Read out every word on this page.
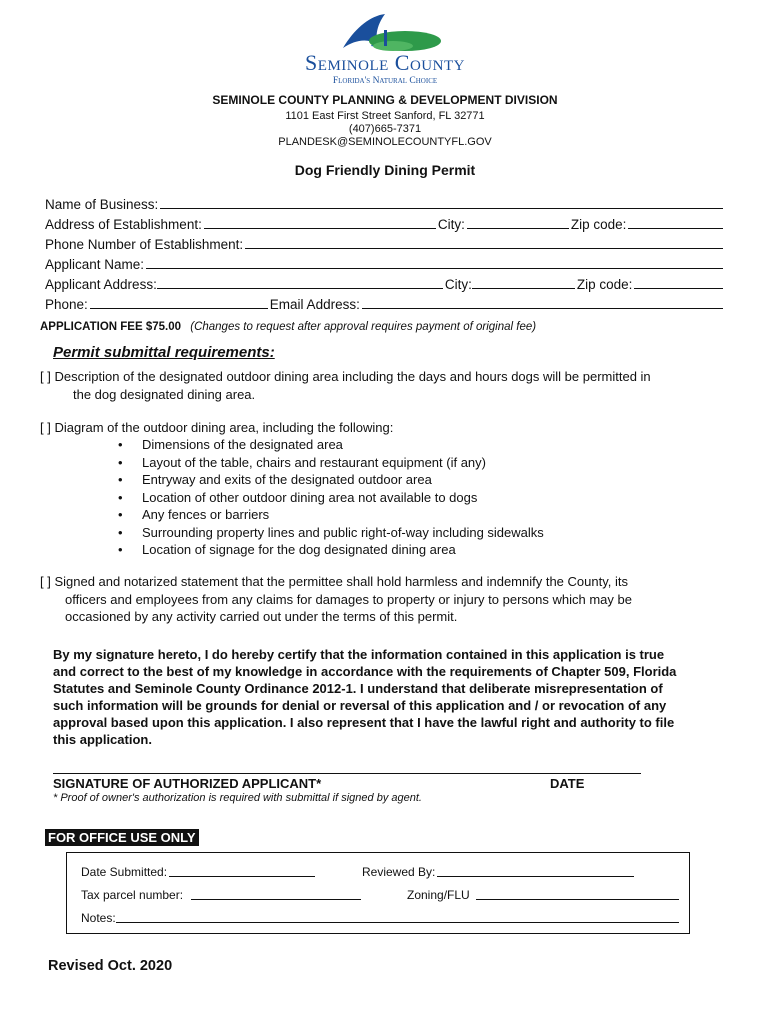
Seminole County
Florida's Natural Choice
SEMINOLE COUNTY PLANNING & DEVELOPMENT DIVISION
1101 East First Street Sanford, FL 32771
(407)665-7371
PLANDESK@SEMINOLECOUNTYFL.GOV
Dog Friendly Dining Permit
Name of Business:
Address of Establishment:	City:	Zip code:
Phone Number of Establishment:
Applicant Name:
Applicant Address:	City:	Zip code:
Phone:	Email Address:
APPLICATION FEE $75.00 (Changes to request after approval requires payment of original fee)
Permit submittal requirements:
[ ] Description of the designated outdoor dining area including the days and hours dogs will be permitted in
the dog designated dining area.
[ ] Diagram of the outdoor dining area, including the following:
• Dimensions of the designated area
• Layout of the table, chairs and restaurant equipment (if any)
• Entryway and exits of the designated outdoor area
• Location of other outdoor dining area not available to dogs
• Any fences or barriers
• Surrounding property lines and public right-of-way including sidewalks
• Location of signage for the dog designated dining area
[ ] Signed and notarized statement that the permittee shall hold harmless and indemnify the County, its
officers and employees from any claims for damages to property or injury to persons which may be
occasioned by any activity carried out under the terms of this permit.
By my signature hereto, I do hereby certify that the information contained in this application is true
and correct to the best of my knowledge in accordance with the requirements of Chapter 509, Florida
Statutes and Seminole County Ordinance 2012-1. I understand that deliberate misrepresentation of
such information will be grounds for denial or reversal of this application and / or revocation of any
approval based upon this application. I also represent that I have the lawful right and authority to file
this application.
SIGNATURE OF AUTHORIZED APPLICANT*	DATE
* Proof of owner's authorization is required with submittal if signed by agent.
FOR OFFICE USE ONLY
Date Submitted:	Reviewed By:
Tax parcel number:	Zoning/FLU
Notes:
Revised Oct. 2020
